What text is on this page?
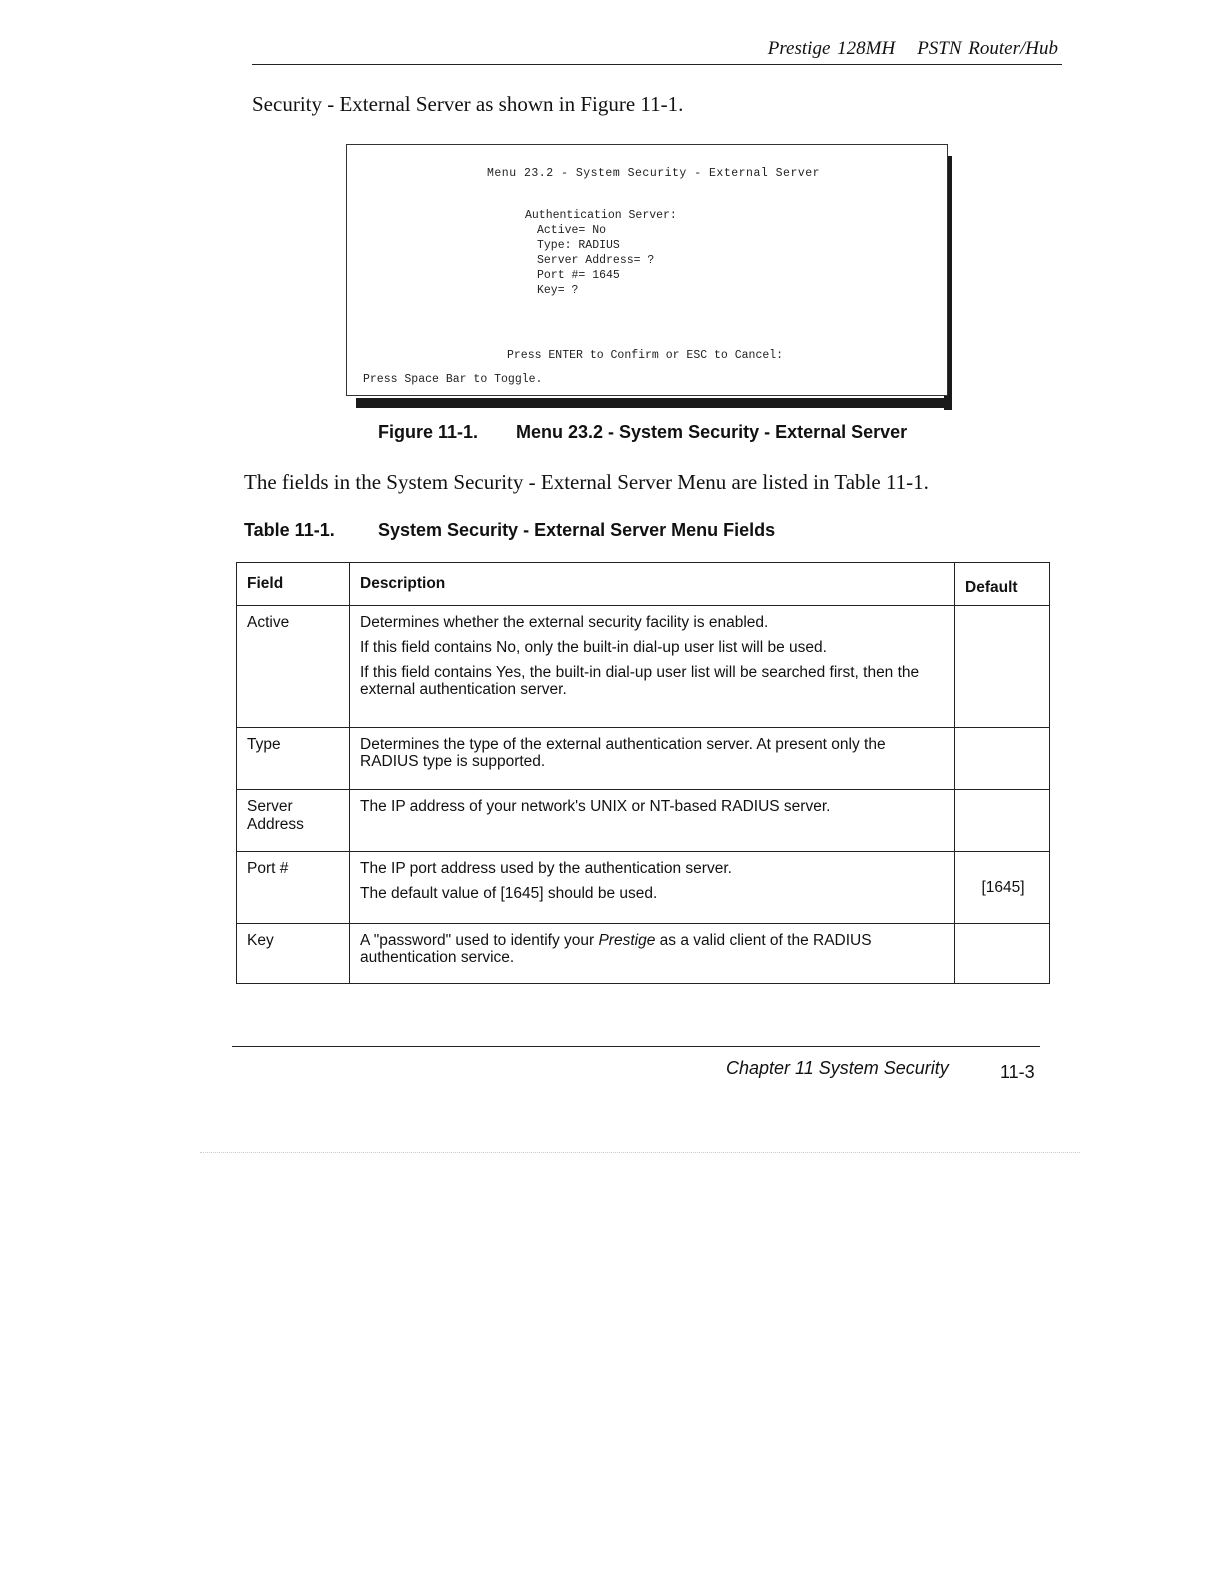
Prestige 128MH PSTN Router/Hub
Security - External Server as shown in Figure 11-1.
Menu 23.2 - System Security - External Server
Authentication Server:
Active= No
Type: RADIUS
Server Address= ?
Port #= 1645
Key= ?
Press ENTER to Confirm or ESC to Cancel:
Press Space Bar to Toggle.
Figure 11-1. Menu 23.2 - System Security - External Server
The fields in the System Security - External Server Menu are listed in Table 11-1.
Table 11-1. System Security - External Server Menu Fields
Field	Description	Default
Active	Determines whether the external security facility is enabled.

If this field contains No, only the built-in dial-up user list will be used.

If this field contains Yes, the built-in dial-up user list will be searched first, then the external authentication server.	

Type	Determines the type of the external authentication server. At present only the RADIUS type is supported.	

Server Address	The IP address of your network's UNIX or NT-based RADIUS server.	

Port #	The IP port address used by the authentication server.

The default value of [1645] should be used.	[1645]
Key	A "password" used to identify your Prestige as a valid client of the RADIUS authentication service.	

Chapter 11 System Security	11-3
